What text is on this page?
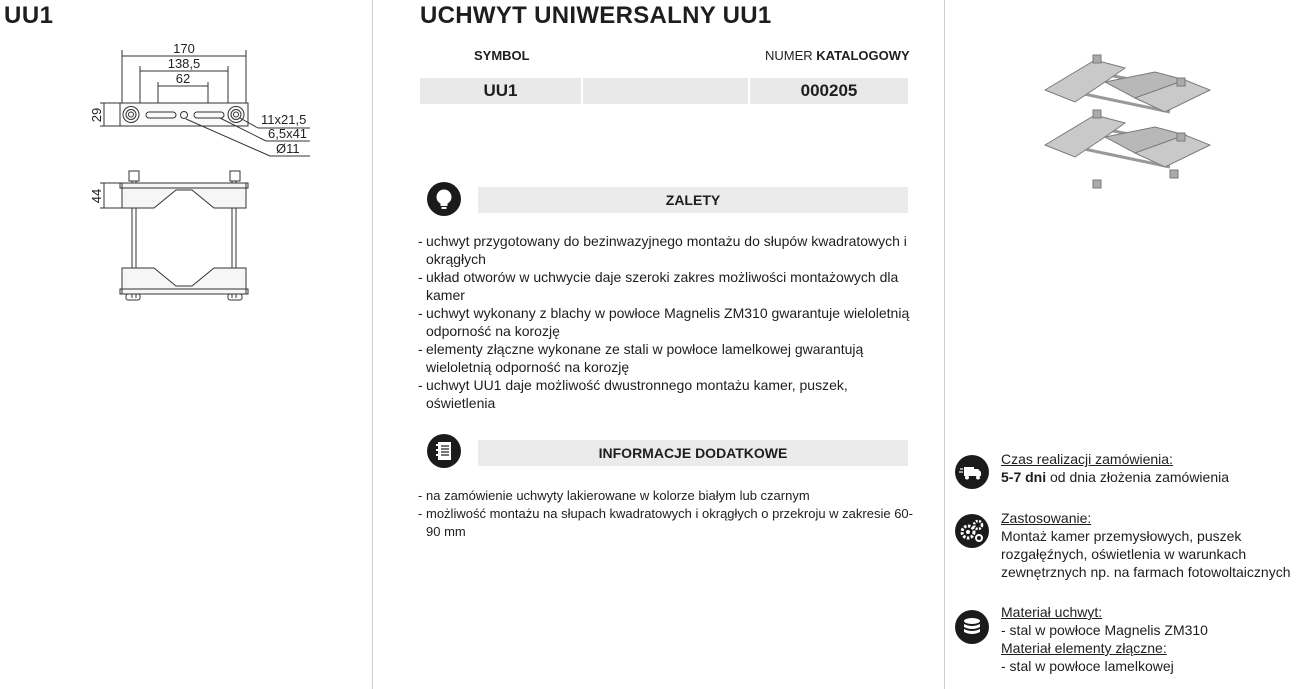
UU1
170
138,5
62
29	11x21,5
6,5x41
Ø11
44
UCHWYT UNIWERSALNY UU1
SYMBOL	NUMER KATALOGOWY
UU1	000205
ZALETY
- uchwyt przygotowany do bezinwazyjnego montażu do słupów kwadratowych i okrągłych
- układ otworów w uchwycie daje szeroki zakres możliwości montażowych dla kamer
- uchwyt wykonany z blachy w powłoce Magnelis ZM310 gwarantuje wieloletnią odporność na korozję
- elementy złączne wykonane ze stali w powłoce lamelkowej gwarantują wieloletnią odporność na korozję
- uchwyt UU1 daje możliwość dwustronnego montażu kamer, puszek, oświetlenia
INFORMACJE DODATKOWE
- na zamówienie uchwyty lakierowane w kolorze białym lub czarnym
- możliwość montażu na słupach kwadratowych i okrągłych o przekroju w zakresie 60-90 mm
Czas realizacji zamówienia:
5-7 dni od dnia złożenia zamówienia
Zastosowanie:
Montaż kamer przemysłowych, puszek
rozgałęźnych, oświetlenia w warunkach
zewnętrznych np. na farmach fotowoltaicznych
Materiał uchwyt:
- stal w powłoce Magnelis ZM310
Materiał elementy złączne:
- stal w powłoce lamelkowej
